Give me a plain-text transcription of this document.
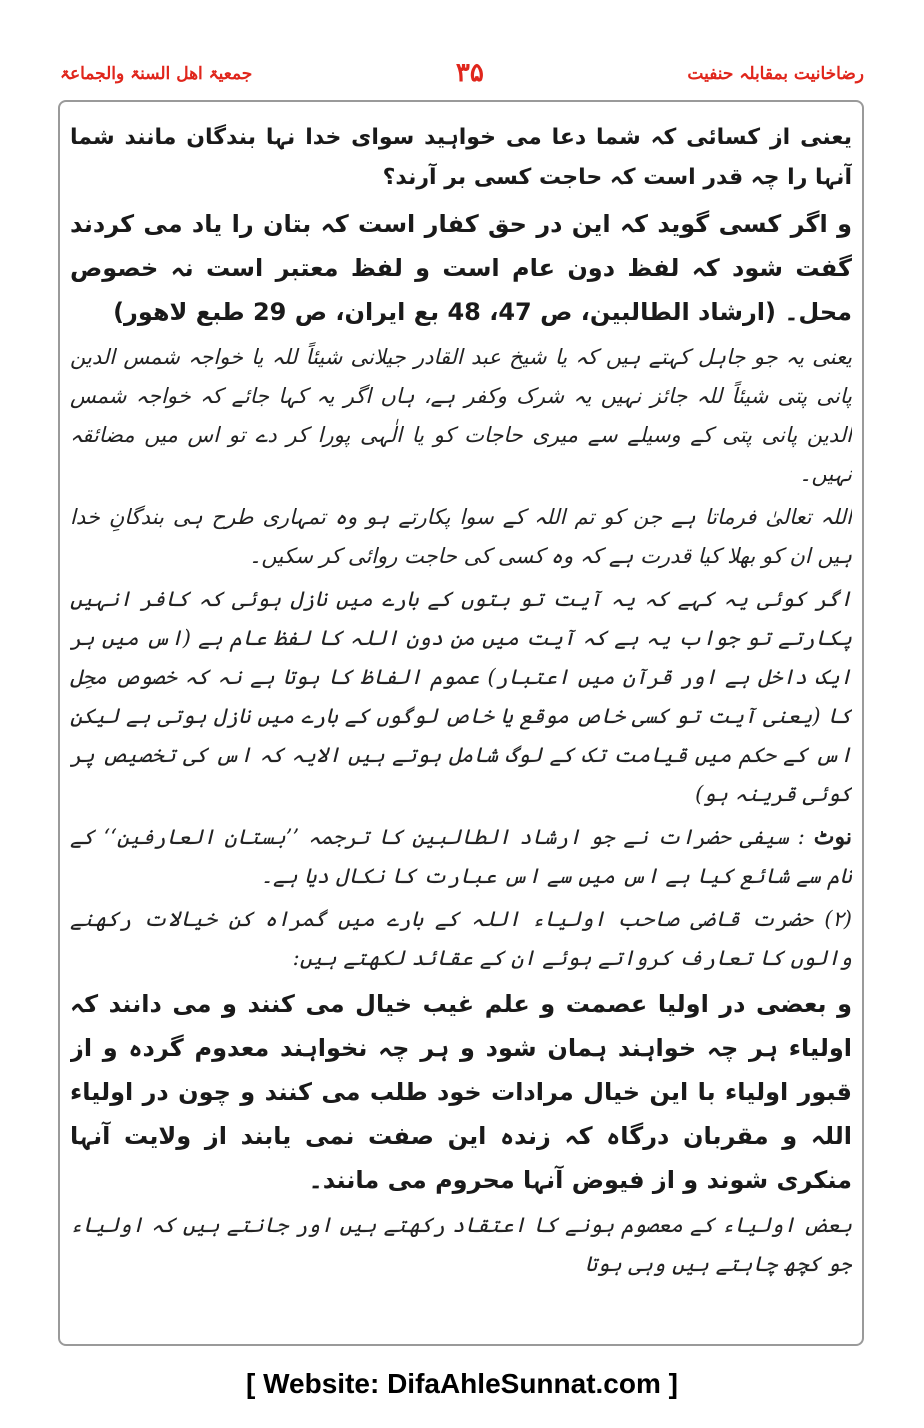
جمعیۃ اھل السنۃ والجماعۃ	۳۵	رضاخانیت بمقابلہ حنفیت

یعنی از کسائی کہ شما دعا می خواہید سوای خدا نہا بندگان مانند شما آنہا را چہ قدر است کہ حاجت کسی بر آرند؟

و اگر کسی گوید کہ این در حق کفار است کہ بتان را یاد می کردند گفت شود کہ لفظ دون عام است و لفظ معتبر است نہ خصوص محل۔ (ارشاد الطالبین، ص 47، 48 بع ایران، ص 29 طبع لاھور)

یعنی یہ جو جاہل کہتے ہیں کہ یا شیخ عبد القادر جیلانی شیئاً للہ یا خواجہ شمس الدین پانی پتی شیئاً للہ جائز نہیں یہ شرک وکفر ہے، ہاں اگر یہ کہا جائے کہ خواجہ شمس الدین پانی پتی کے وسیلے سے میری حاجات کو یا الٰہی پورا کر دے تو اس میں مضائقہ نہیں۔

اللہ تعالیٰ فرماتا ہے جن کو تم اللہ کے سوا پکارتے ہو وہ تمہاری طرح ہی بندگانِ خدا ہیں ان کو بھلا کیا قدرت ہے کہ وہ کسی کی حاجت روائی کر سکیں۔

اگر کوئی یہ کہے کہ یہ آیت تو بتوں کے بارے میں نازل ہوئی کہ کافر انہیں پکارتے تو جواب یہ ہے کہ آیت میں من دون اللہ کا لفظ عام ہے (اس میں ہر ایک داخل ہے اور قرآن میں اعتبار) عموم الفاظ کا ہوتا ہے نہ کہ خصوص محِل کا (یعنی آیت تو کسی خاص موقع یا خاص لوگوں کے بارے میں نازل ہوتی ہے لیکن اس کے حکم میں قیامت تک کے لوگ شامل ہوتے ہیں الایہ کہ اس کی تخصیص پر کوئی قرینہ ہو)

نوٹ : سیفی حضرات نے جو ارشاد الطالبین کا ترجمہ ’’بستان العارفین‘‘ کے نام سے شائع کیا ہے اس میں سے اس عبارت کا نکال دیا ہے۔

(۲) حضرت قاضی صاحب اولیاء اللہ کے بارے میں گمراہ کن خیالات رکھنے والوں کا تعارف کرواتے ہوئے ان کے عقائد لکھتے ہیں:

و بعضی در اولیا عصمت و علم غیب خیال می کنند و می دانند کہ اولیاء ہر چہ خواہند ہمان شود و ہر چہ نخواہند معدوم گردہ و از قبور اولیاء با این خیال مرادات خود طلب می کنند و چون در اولیاء اللہ و مقربان درگاہ کہ زندہ این صفت نمی یابند از ولایت آنہا منکری شوند و از فیوض آنہا محروم می مانند۔

بعض اولیاء کے معصوم ہونے کا اعتقاد رکھتے ہیں اور جانتے ہیں کہ اولیاء جو کچھ چاہتے ہیں وہی ہوتا

[ Website: DifaAhleSunnat.com ]
